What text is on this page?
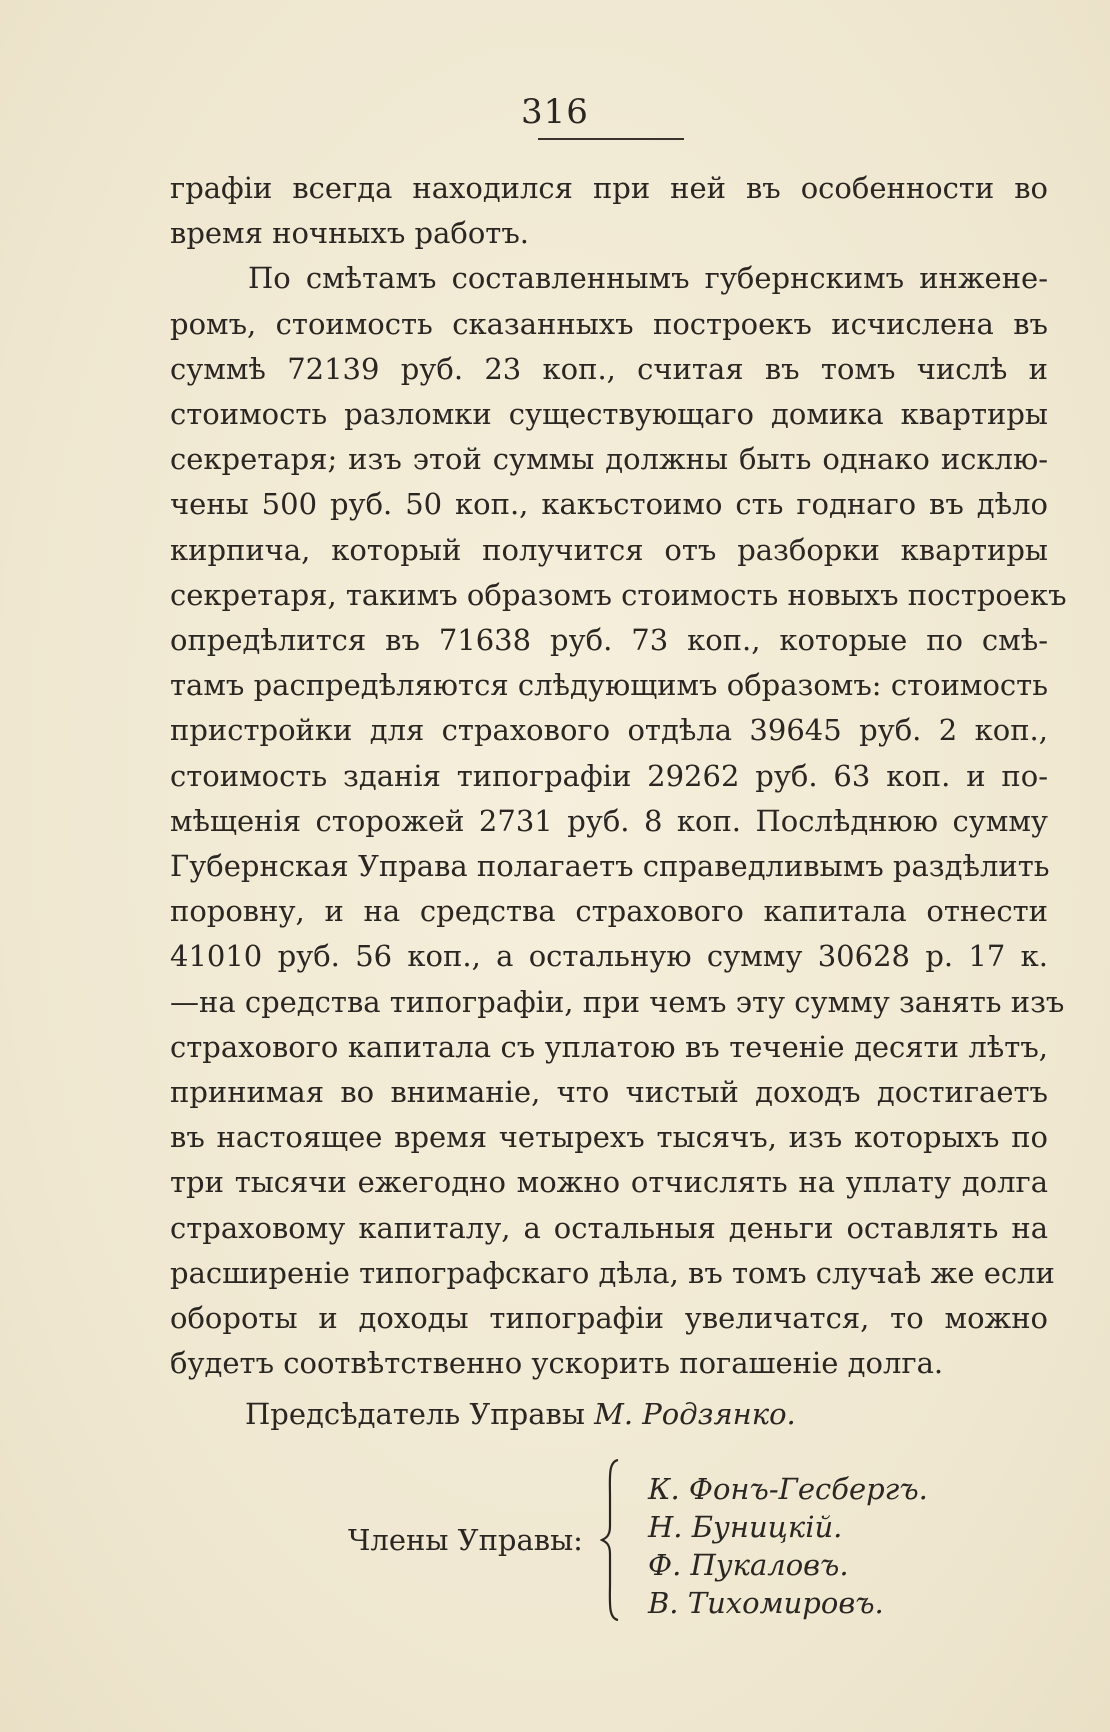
316
графіи всегда находился при ней въ особенности во
время ночныхъ работъ.
По смѣтамъ составленнымъ губернскимъ инжене-
ромъ, стоимость сказанныхъ построекъ исчислена въ
суммѣ 72139 руб. 23 коп., считая въ томъ числѣ и
стоимость разломки существующаго домика квартиры
секретаря; изъ этой суммы должны быть однако исклю-
чены 500 руб. 50 коп., какъстоимо сть годнаго въ дѣло
кирпича, который получится отъ разборки квартиры
секретаря, такимъ образомъ стоимость новыхъ построекъ
опредѣлится въ 71638 руб. 73 коп., которые по смѣ-
тамъ распредѣляются слѣдующимъ образомъ: стоимость
пристройки для страхового отдѣла 39645 руб. 2 коп.,
стоимость зданія типографіи 29262 руб. 63 коп. и по-
мѣщенія сторожей 2731 руб. 8 коп. Послѣднюю сумму
Губернская Управа полагаетъ справедливымъ раздѣлить
поровну, и на средства страхового капитала отнести
41010 руб. 56 коп., а остальную сумму 30628 р. 17 к.
—на средства типографіи, при чемъ эту сумму занять изъ
страхового капитала съ уплатою въ теченіе десяти лѣтъ,
принимая во вниманіе, что чистый доходъ достигаетъ
въ настоящее время четырехъ тысячъ, изъ которыхъ по
три тысячи ежегодно можно отчислять на уплату долга
страховому капиталу, а остальныя деньги оставлять на
расширеніе типографскаго дѣла, въ томъ случаѣ же если
обороты и доходы типографіи увеличатся, то можно
будетъ соотвѣтственно ускорить погашеніе долга.
Предсѣдатель Управы М. Родзянко.
Члены Управы:
К. Фонъ-Гесбергъ.
Н. Буницкій.
Ф. Пукаловъ.
В. Тихомировъ.
